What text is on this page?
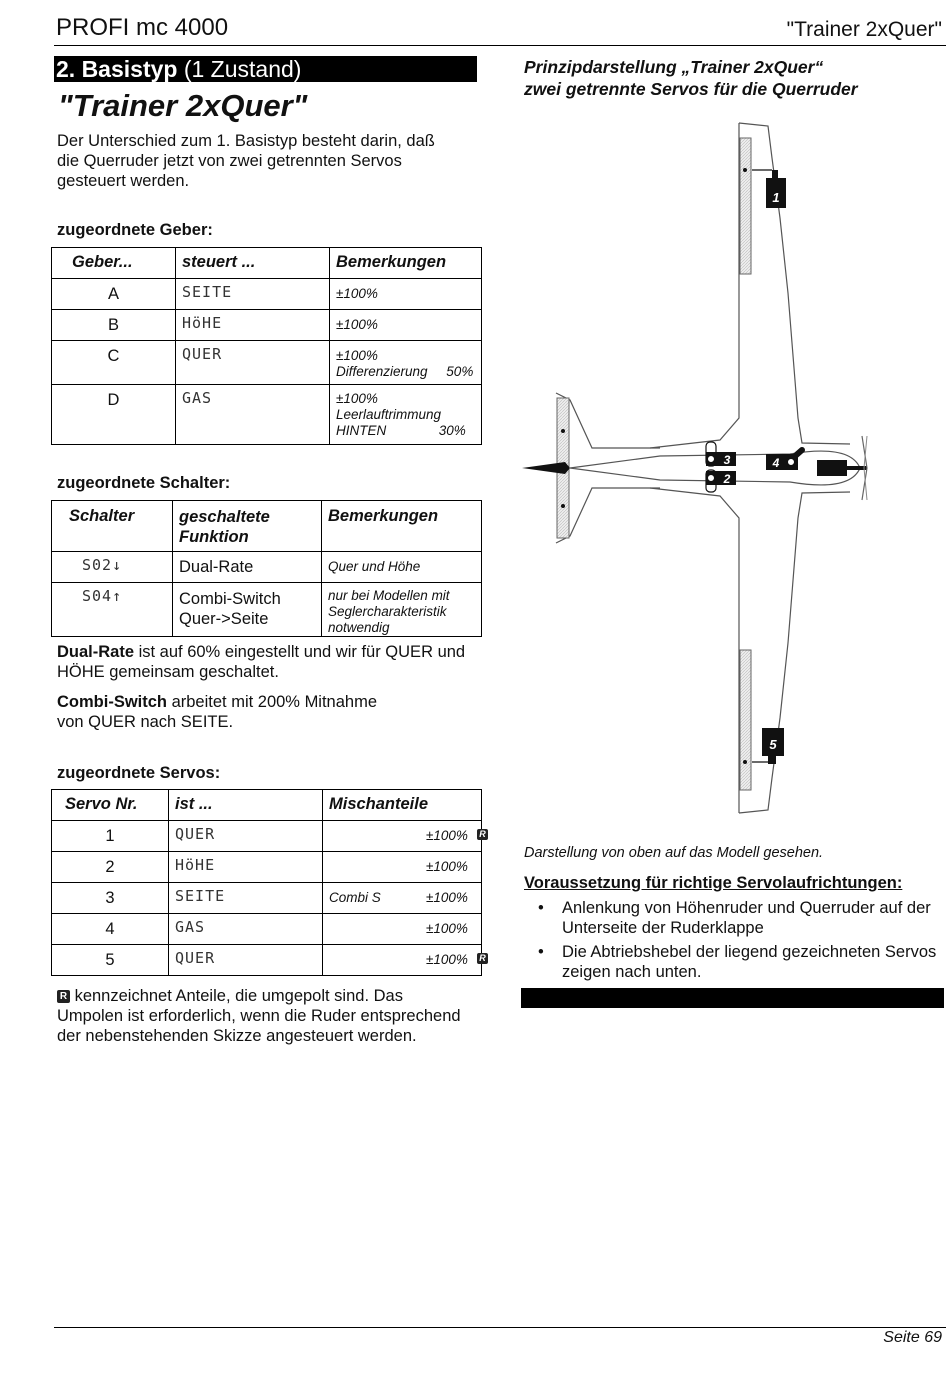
PROFI mc 4000	"Trainer 2xQuer"
2. Basistyp (1 Zustand)
"Trainer 2xQuer"
Der Unterschied zum 1. Basistyp besteht darin, daß die Querruder jetzt von zwei getrennten Servos gesteuert werden.
zugeordnete Geber:
Geber...	steuert ...	Bemerkungen
A	SEITE	±100%
B	HöHE	±100%
C	QUER	±100%
Differenzierung     50%

D	GAS	±100%
Leerlauftrimmung
HINTEN              30%
zugeordnete Schalter:
Schalter	geschaltete Funktion	Bemerkungen
S02↓	Dual-Rate	Quer und Höhe
S04↑	Combi-Switch Quer->Seite	nur bei Modellen mit Seglercharakteristik notwendig
Dual-Rate ist auf 60% eingestellt und wir für QUER und HÖHE gemeinsam geschaltet.
Combi-Switch arbeitet mit 200% Mitnahme von QUER nach SEITE.
zugeordnete Servos:
Servo Nr.	ist ...	Mischanteile
1	QUER	±100% R

2	HöHE	±100%

3	SEITE	Combi S ±100%

4	GAS	±100%

5	QUER	±100% R
R kennzeichnet Anteile, die umgepolt sind. Das Umpolen ist erforderlich, wenn die Ruder entsprechend der nebenstehenden Skizze angesteuert werden.
Prinzipdarstellung „Trainer 2xQuer“
zwei getrennte Servos für die Querruder
1
5
3
2
4
Darstellung von oben auf das Modell gesehen.
Voraussetzung für richtige Servolaufrichtungen:
• Anlenkung von Höhenruder und Querruder auf der Unterseite der Ruderklappe
• Die Abtriebshebel der liegend gezeichneten Servos zeigen nach unten.
Seite 69
